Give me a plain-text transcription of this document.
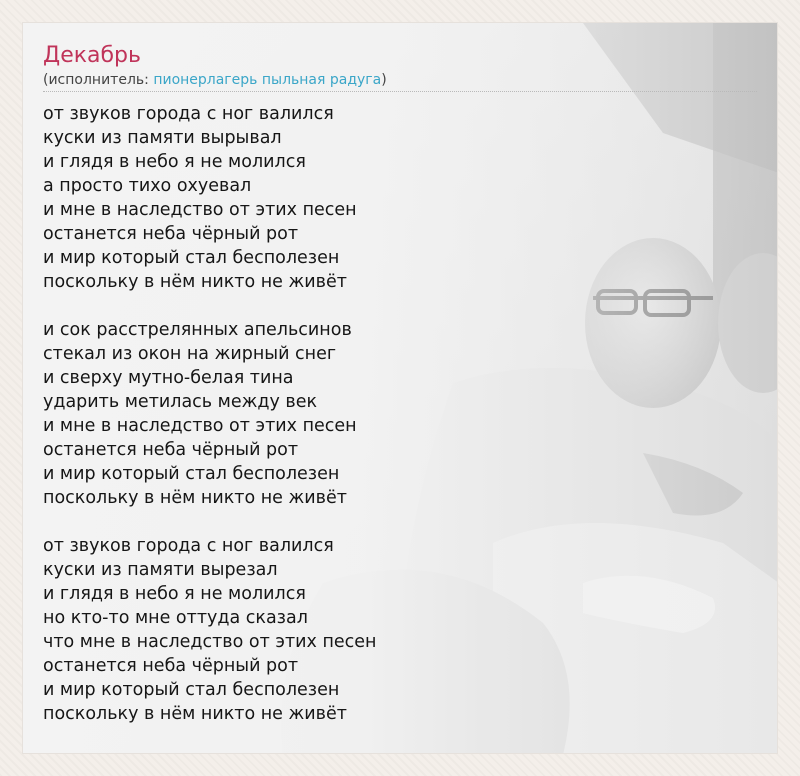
Декабрь
(исполнитель: пионерлагерь пыльная радуга)
от звуков города с ног валился
куски из памяти вырывал
и глядя в небо я не молился
а просто тихо охуевал
и мне в наследство от этих песен
останется неба чёрный рот
и мир который стал бесполезен
поскольку в нём никто не живёт
и сок расстрелянных апельсинов
стекал из окон на жирный снег
и сверху мутно-белая тина
ударить метилась между век
и мне в наследство от этих песен
останется неба чёрный рот
и мир который стал бесполезен
поскольку в нём никто не живёт
от звуков города с ног валился
куски из памяти вырезал
и глядя в небо я не молился
но кто-то мне оттуда сказал
что мне в наследство от этих песен
останется неба чёрный рот
и мир который стал бесполезен
поскольку в нём никто не живёт
